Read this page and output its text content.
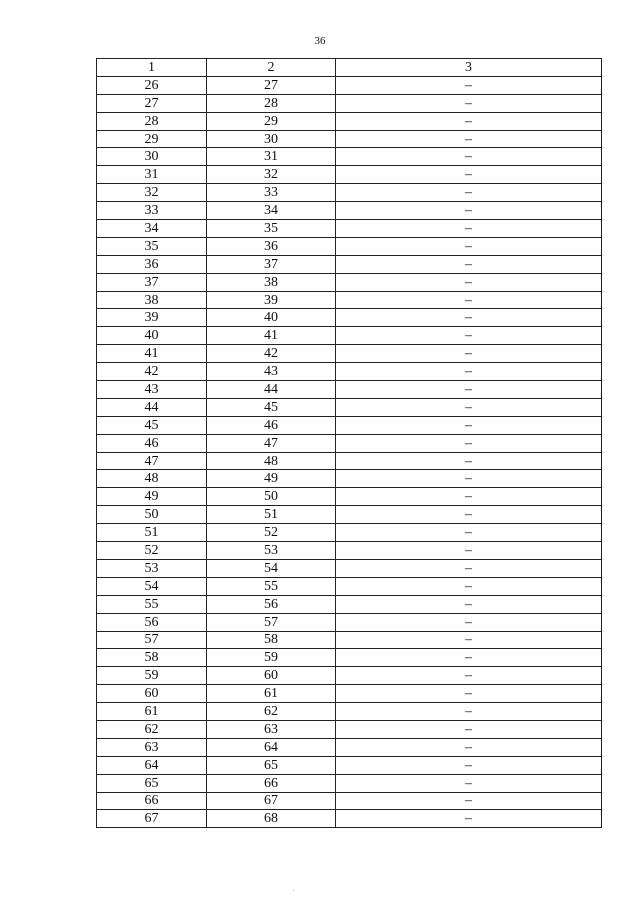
36
1	2	3
26	27	–
27	28	–
28	29	–
29	30	–
30	31	–
31	32	–
32	33	–
33	34	–
34	35	–
35	36	–
36	37	–
37	38	–
38	39	–
39	40	–
40	41	–
41	42	–
42	43	–
43	44	–
44	45	–
45	46	–
46	47	–
47	48	–
48	49	–
49	50	–
50	51	–
51	52	–
52	53	–
53	54	–
54	55	–
55	56	–
56	57	–
57	58	–
58	59	–
59	60	–
60	61	–
61	62	–
62	63	–
63	64	–
64	65	–
65	66	–
66	67	–
67	68	–
.
